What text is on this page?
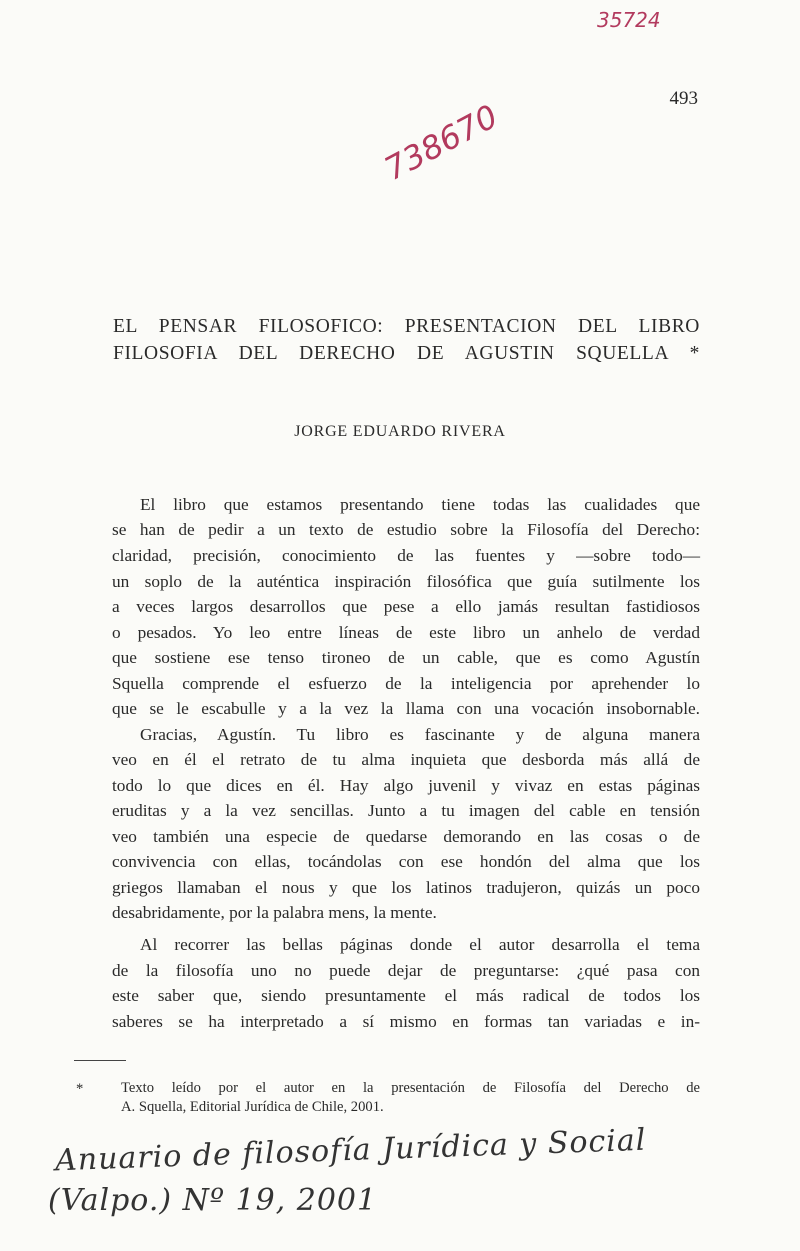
35724
738670	493
EL PENSAR FILOSOFICO: PRESENTACION DEL LIBRO
FILOSOFIA DEL DERECHO DE AGUSTIN SQUELLA *
JORGE EDUARDO RIVERA
El libro que estamos presentando tiene todas las cualidades que
se han de pedir a un texto de estudio sobre la Filosofía del Derecho:
claridad, precisión, conocimiento de las fuentes y —sobre todo—
un soplo de la auténtica inspiración filosófica que guía sutilmente los
a veces largos desarrollos que pese a ello jamás resultan fastidiosos
o pesados. Yo leo entre líneas de este libro un anhelo de verdad
que sostiene ese tenso tironeo de un cable, que es como Agustín
Squella comprende el esfuerzo de la inteligencia por aprehender lo
que se le escabulle y a la vez la llama con una vocación insobornable.
Gracias, Agustín. Tu libro es fascinante y de alguna manera
veo en él el retrato de tu alma inquieta que desborda más allá de
todo lo que dices en él. Hay algo juvenil y vivaz en estas páginas
eruditas y a la vez sencillas. Junto a tu imagen del cable en tensión
veo también una especie de quedarse demorando en las cosas o de
convivencia con ellas, tocándolas con ese hondón del alma que los
griegos llamaban el nous y que los latinos tradujeron, quizás un poco
desabridamente, por la palabra mens, la mente.
Al recorrer las bellas páginas donde el autor desarrolla el tema
de la filosofía uno no puede dejar de preguntarse: ¿qué pasa con
este saber que, siendo presuntamente el más radical de todos los
saberes se ha interpretado a sí mismo en formas tan variadas e in-
*	Texto leído por el autor en la presentación de Filosofía del Derecho de
A. Squella, Editorial Jurídica de Chile, 2001.
Anuario de filosofía Jurídica y Social
(Valpo.) Nº 19, 2001
